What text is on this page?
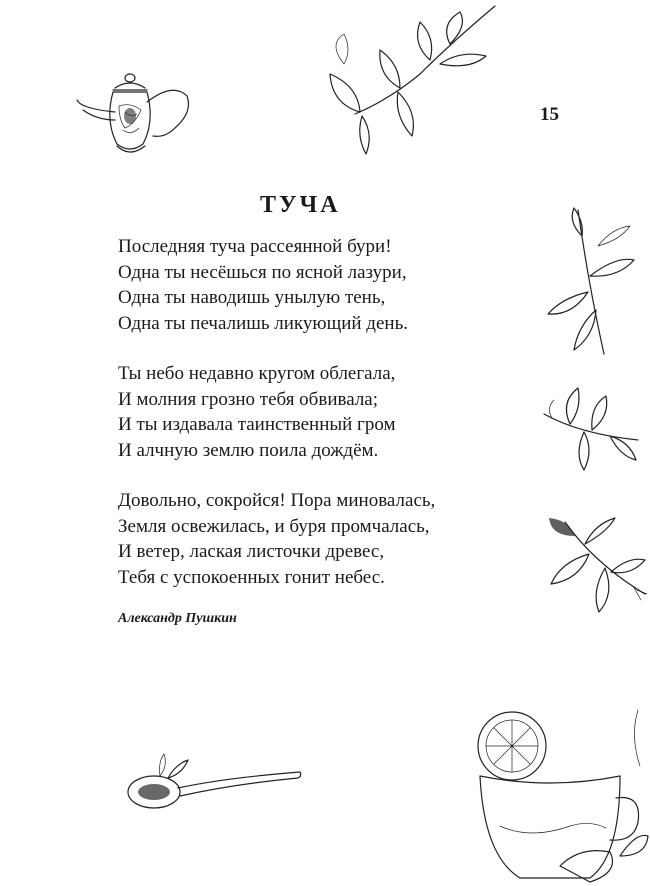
15
ТУЧА
Последняя туча рассеянной бури!
Одна ты несёшься по ясной лазури,
Одна ты наводишь унылую тень,
Одна ты печалишь ликующий день.
Ты небо недавно кругом облегала,
И молния грозно тебя обвивала;
И ты издавала таинственный гром
И алчную землю поила дождём.
Довольно, сокройся! Пора миновалась,
Земля освежилась, и буря промчалась,
И ветер, лаская листочки древес,
Тебя с успокоенных гонит небес.
Александр Пушкин
